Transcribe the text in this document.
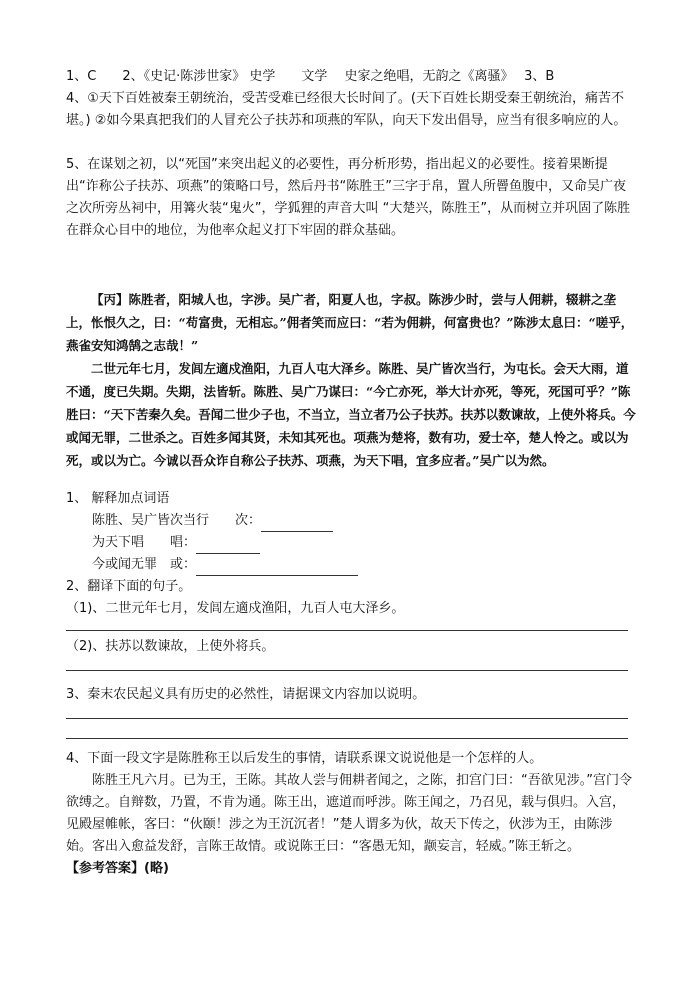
1、C　　2、《史记·陈涉世家》 史学　　文学　 史家之绝唱，无韵之《离骚》　 3、B

4、①天下百姓被秦王朝统治，受苦受难已经很大长时间了。(天下百姓长期受秦王朝统治，痛苦不堪。) ②如今果真把我们的人冒充公子扶苏和项燕的军队，向天下发出倡导，应当有很多响应的人。

5、在谋划之初，以“死国”来突出起义的必要性，再分析形势，指出起义的必要性。接着果断提出“诈称公子扶苏、项燕”的策略口号，然后丹书“陈胜王”三字于帛，置人所罾鱼腹中，又命吴广夜之次所旁丛祠中，用篝火装“鬼火”，学狐狸的声音大叫 “大楚兴，陈胜王”，从而树立并巩固了陈胜在群众心目中的地位，为他率众起义打下牢固的群众基础。

【丙】陈胜者，阳城人也，字涉。吴广者，阳夏人也，字叔。陈涉少时，尝与人佣耕，辍耕之垄上，怅恨久之，曰：“苟富贵，无相忘。”佣者笑而应曰：“若为佣耕，何富贵也？”陈涉太息曰：“嗟乎，燕雀安知鸿鹄之志哉！”

二世元年七月，发闾左適戍渔阳，九百人屯大泽乡。陈胜、吴广皆次当行，为屯长。会天大雨，道不通，度已失期。失期，法皆斩。陈胜、吴广乃谋曰：“今亡亦死，举大计亦死，等死，死国可乎？”陈胜曰：“天下苦秦久矣。吾闻二世少子也，不当立，当立者乃公子扶苏。扶苏以数谏故，上使外将兵。今或闻无罪，二世杀之。百姓多闻其贤，未知其死也。项燕为楚将，数有功，爱士卒，楚人怜之。或以为死，或以为亡。今诚以吾众诈自称公子扶苏、项燕，为天下唱，宜多应者。”吴广以为然。

1、 解释加点词语

陈胜、吴广皆次当行　　次：
为天下唱　　唱：
今或闻无罪　或：

2、翻译下面的句子。

（1)、二世元年七月，发闾左適戍渔阳，九百人屯大泽乡。

（2)、扶苏以数谏故，上使外将兵。

3、秦末农民起义具有历史的必然性，请据课文内容加以说明。

4、下面一段文字是陈胜称王以后发生的事情，请联系课文说说他是一个怎样的人。

陈胜王凡六月。已为王，王陈。其故人尝与佣耕者闻之，之陈，扣宫门曰：“吾欲见涉。”宫门令欲缚之。自辩数，乃置，不肯为通。陈王出，遮道而呼涉。陈王闻之，乃召见，载与俱归。入宫，见殿屋帷帐，客曰：“伙颐！涉之为王沉沉者！”楚人谓多为伙，故天下传之，伙涉为王，由陈涉始。客出入愈益发舒，言陈王故情。或说陈王曰：“客愚无知，颛妄言，轻威。”陈王斩之。

【参考答案】(略)
